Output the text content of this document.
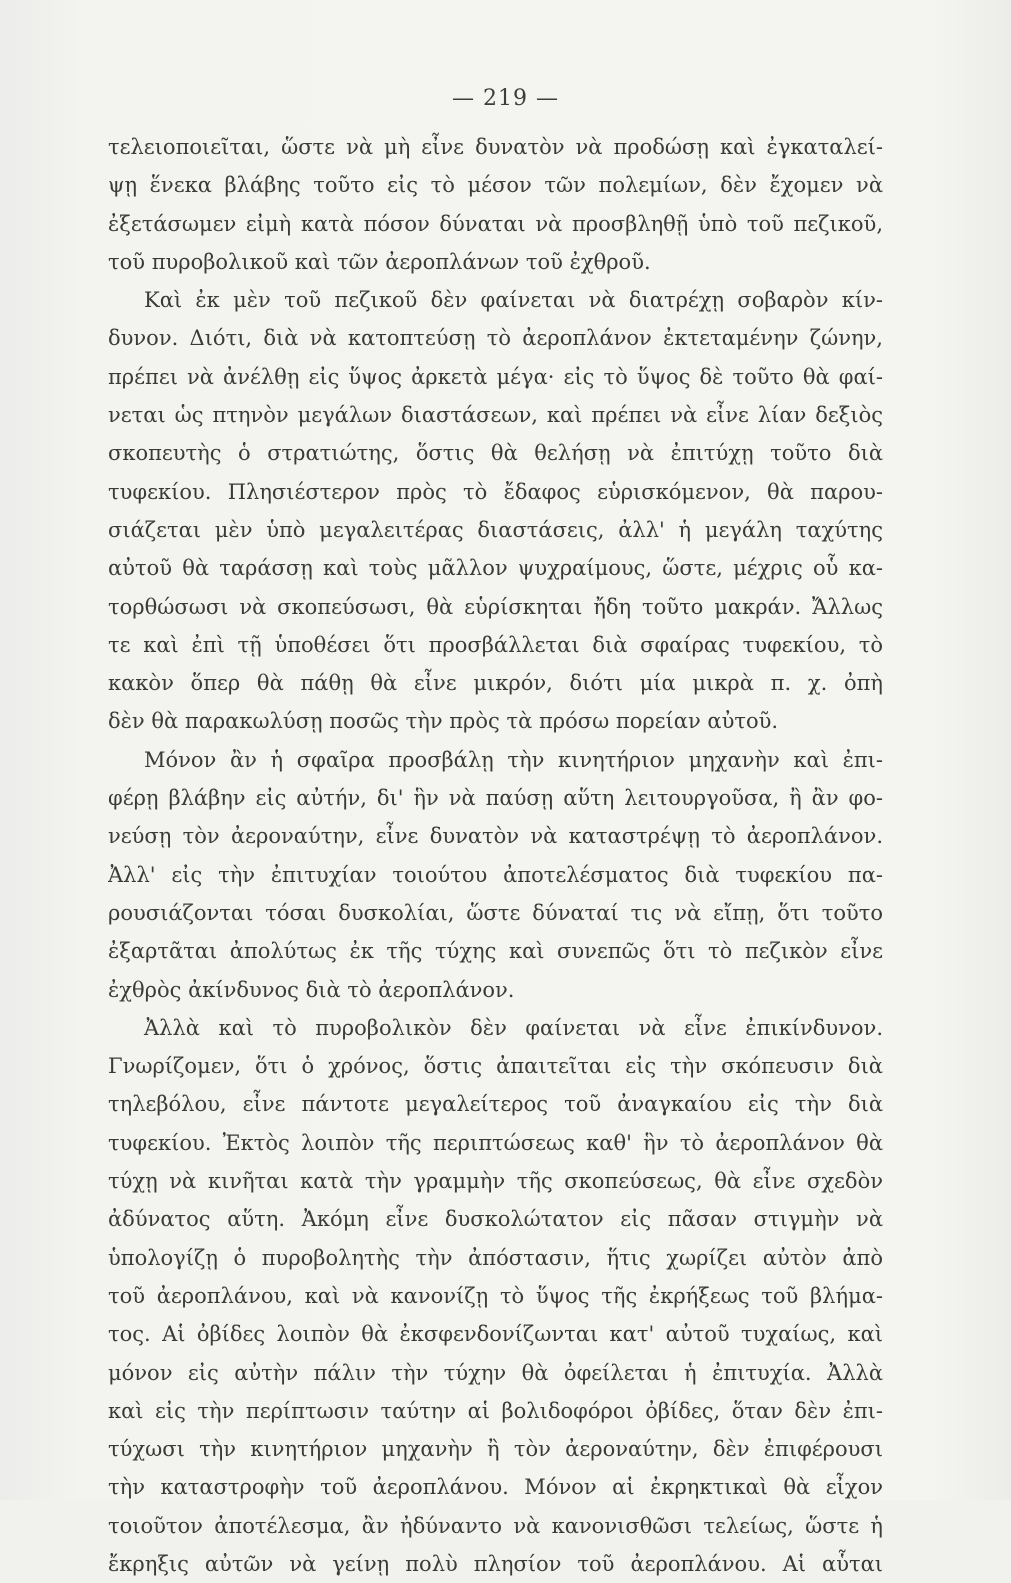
— 219 —
τελειοποιεῖται, ὥστε νὰ μὴ εἶνε δυνατὸν νὰ προδώσῃ καὶ ἐγκαταλεί-
ψῃ ἕνεκα βλάβης τοῦτο εἰς τὸ μέσον τῶν πολεμίων, δὲν ἔχομεν νὰ
ἐξετάσωμεν εἰμὴ κατὰ πόσον δύναται νὰ προσβληθῇ ὑπὸ τοῦ πεζικοῦ,
τοῦ πυροβολικοῦ καὶ τῶν ἀεροπλάνων τοῦ ἐχθροῦ.
Καὶ ἐκ μὲν τοῦ πεζικοῦ δὲν φαίνεται νὰ διατρέχῃ σοβαρὸν κίν-
δυνον. Διότι, διὰ νὰ κατοπτεύσῃ τὸ ἀεροπλάνον ἐκτεταμένην ζώνην,
πρέπει νὰ ἀνέλθῃ εἰς ὕψος ἀρκετὰ μέγα· εἰς τὸ ὕψος δὲ τοῦτο θὰ φαί-
νεται ὡς πτηνὸν μεγάλων διαστάσεων, καὶ πρέπει νὰ εἶνε λίαν δεξιὸς
σκοπευτὴς ὁ στρατιώτης, ὅστις θὰ θελήσῃ νὰ ἐπιτύχῃ τοῦτο διὰ
τυφεκίου. Πλησιέστερον πρὸς τὸ ἔδαφος εὑρισκόμενον, θὰ παρου-
σιάζεται μὲν ὑπὸ μεγαλειτέρας διαστάσεις, ἀλλ' ἡ μεγάλη ταχύτης
αὐτοῦ θὰ ταράσσῃ καὶ τοὺς μᾶλλον ψυχραίμους, ὥστε, μέχρις οὗ κα-
τορθώσωσι νὰ σκοπεύσωσι, θὰ εὑρίσκηται ἤδη τοῦτο μακράν. Ἄλλως
τε καὶ ἐπὶ τῇ ὑποθέσει ὅτι προσβάλλεται διὰ σφαίρας τυφεκίου, τὸ
κακὸν ὅπερ θὰ πάθῃ θὰ εἶνε μικρόν, διότι μία μικρὰ π. χ. ὀπὴ
δὲν θὰ παρακωλύσῃ ποσῶς τὴν πρὸς τὰ πρόσω πορείαν αὐτοῦ.
Μόνον ἂν ἡ σφαῖρα προσβάλῃ τὴν κινητήριον μηχανὴν καὶ ἐπι-
φέρῃ βλάβην εἰς αὐτήν, δι' ἣν νὰ παύσῃ αὕτη λειτουργοῦσα, ἢ ἂν φο-
νεύσῃ τὸν ἀεροναύτην, εἶνε δυνατὸν νὰ καταστρέψῃ τὸ ἀεροπλάνον.
Ἀλλ' εἰς τὴν ἐπιτυχίαν τοιούτου ἀποτελέσματος διὰ τυφεκίου πα-
ρουσιάζονται τόσαι δυσκολίαι, ὥστε δύναταί τις νὰ εἴπῃ, ὅτι τοῦτο
ἐξαρτᾶται ἀπολύτως ἐκ τῆς τύχης καὶ συνεπῶς ὅτι τὸ πεζικὸν εἶνε
ἐχθρὸς ἀκίνδυνος διὰ τὸ ἀεροπλάνον.
Ἀλλὰ καὶ τὸ πυροβολικὸν δὲν φαίνεται νὰ εἶνε ἐπικίνδυνον.
Γνωρίζομεν, ὅτι ὁ χρόνος, ὅστις ἀπαιτεῖται εἰς τὴν σκόπευσιν διὰ
τηλεβόλου, εἶνε πάντοτε μεγαλείτερος τοῦ ἀναγκαίου εἰς τὴν διὰ
τυφεκίου. Ἐκτὸς λοιπὸν τῆς περιπτώσεως καθ' ἣν τὸ ἀεροπλάνον θὰ
τύχῃ νὰ κινῆται κατὰ τὴν γραμμὴν τῆς σκοπεύσεως, θὰ εἶνε σχεδὸν
ἀδύνατος αὕτη. Ἀκόμη εἶνε δυσκολώτατον εἰς πᾶσαν στιγμὴν νὰ
ὑπολογίζῃ ὁ πυροβολητὴς τὴν ἀπόστασιν, ἥτις χωρίζει αὐτὸν ἀπὸ
τοῦ ἀεροπλάνου, καὶ νὰ κανονίζῃ τὸ ὕψος τῆς ἐκρήξεως τοῦ βλήμα-
τος. Αἱ ὀβίδες λοιπὸν θὰ ἐκσφενδονίζωνται κατ' αὐτοῦ τυχαίως, καὶ
μόνον εἰς αὐτὴν πάλιν τὴν τύχην θὰ ὀφείλεται ἡ ἐπιτυχία. Ἀλλὰ
καὶ εἰς τὴν περίπτωσιν ταύτην αἱ βολιδοφόροι ὀβίδες, ὅταν δὲν ἐπι-
τύχωσι τὴν κινητήριον μηχανὴν ἢ τὸν ἀεροναύτην, δὲν ἐπιφέρουσι
τὴν καταστροφὴν τοῦ ἀεροπλάνου. Μόνον αἱ ἐκρηκτικαὶ θὰ εἶχον
τοιοῦτον ἀποτέλεσμα, ἂν ἠδύναντο νὰ κανονισθῶσι τελείως, ὥστε ἡ
ἔκρηξις αὐτῶν νὰ γείνῃ πολὺ πλησίον τοῦ ἀεροπλάνου. Αἱ αὗται
